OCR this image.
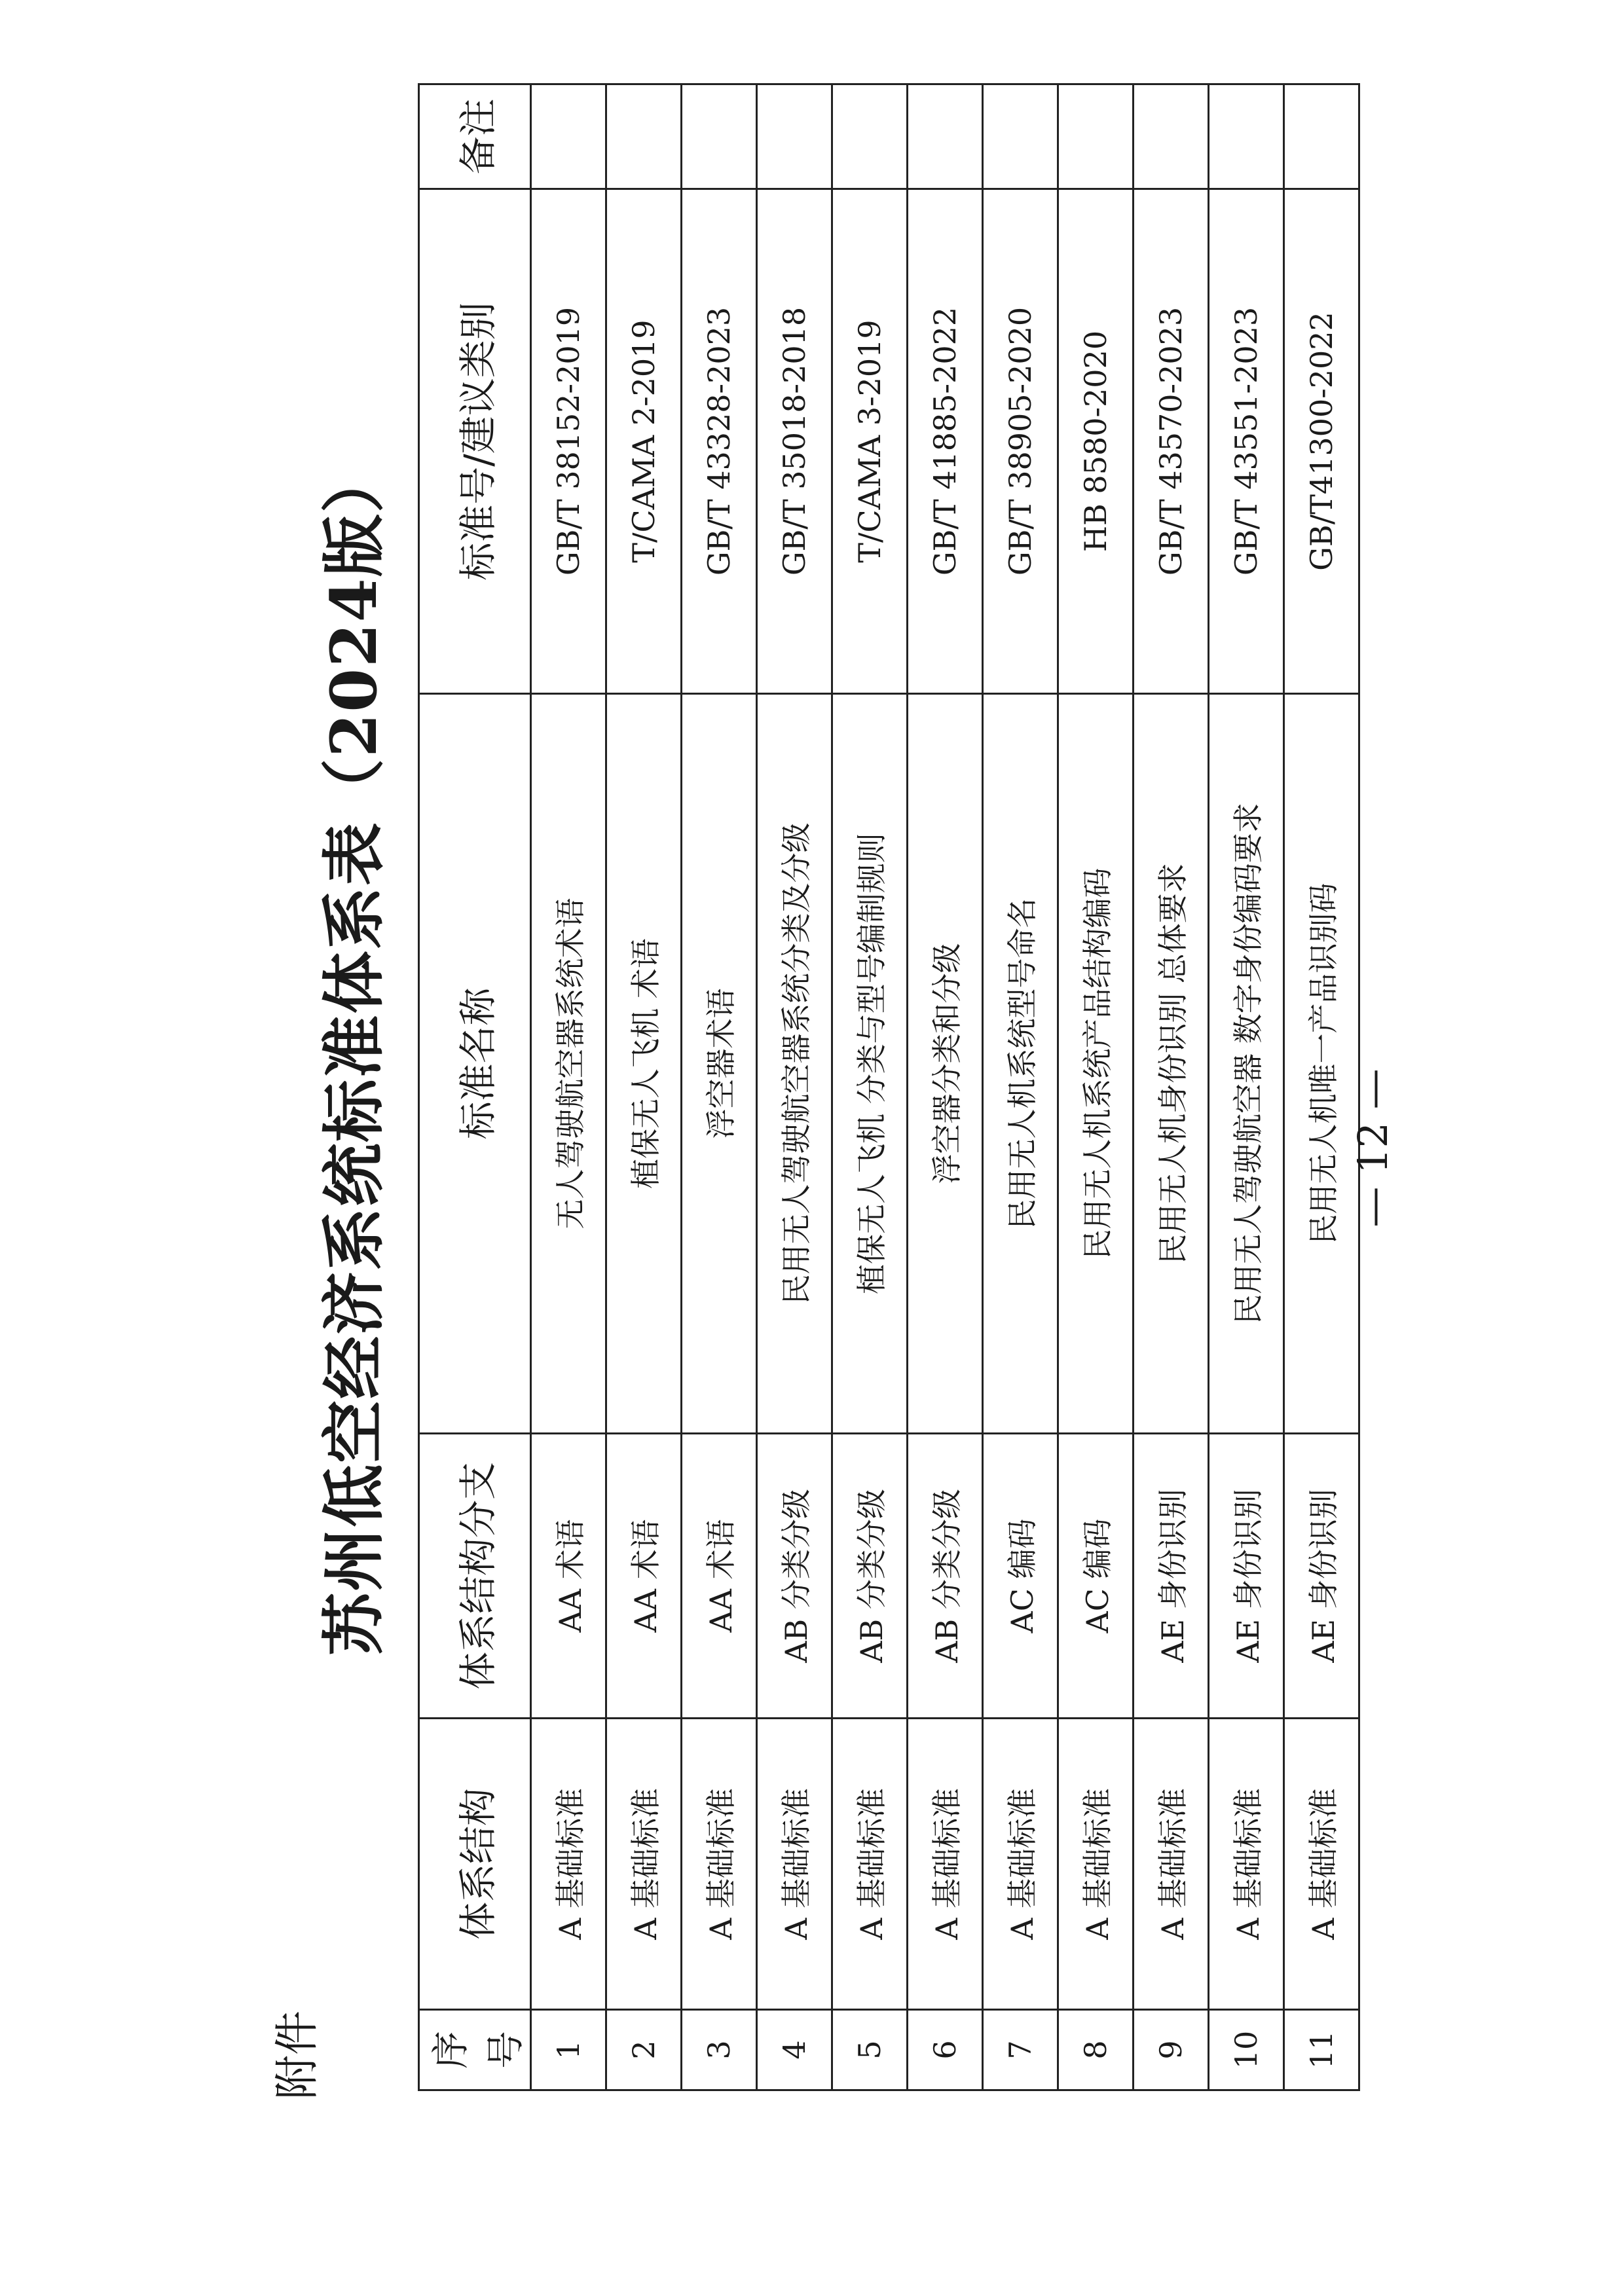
附件
苏州低空经济系统标准体系表（2024版）
序号	体系结构	体系结构分支	标准名称	标准号/建议类别	备注
1	A 基础标准	AA 术语	无人驾驶航空器系统术语	GB/T 38152-2019	
2	A 基础标准	AA 术语	植保无人飞机 术语	T/CAMA 2-2019	
3	A 基础标准	AA 术语	浮空器术语	GB/T 43328-2023	
4	A 基础标准	AB 分类分级	民用无人驾驶航空器系统分类及分级	GB/T 35018-2018	
5	A 基础标准	AB 分类分级	植保无人飞机 分类与型号编制规则	T/CAMA 3-2019	
6	A 基础标准	AB 分类分级	浮空器分类和分级	GB/T 41885-2022	
7	A 基础标准	AC 编码	民用无人机系统型号命名	GB/T 38905-2020	
8	A 基础标准	AC 编码	民用无人机系统产品结构编码	HB 8580-2020	
9	A 基础标准	AE 身份识别	民用无人机身份识别 总体要求	GB/T 43570-2023	
10	A 基础标准	AE 身份识别	民用无人驾驶航空器 数字身份编码要求	GB/T 43551-2023	
11	A 基础标准	AE 身份识别	民用无人机唯一产品识别码	GB/T41300-2022	
— 12 —
